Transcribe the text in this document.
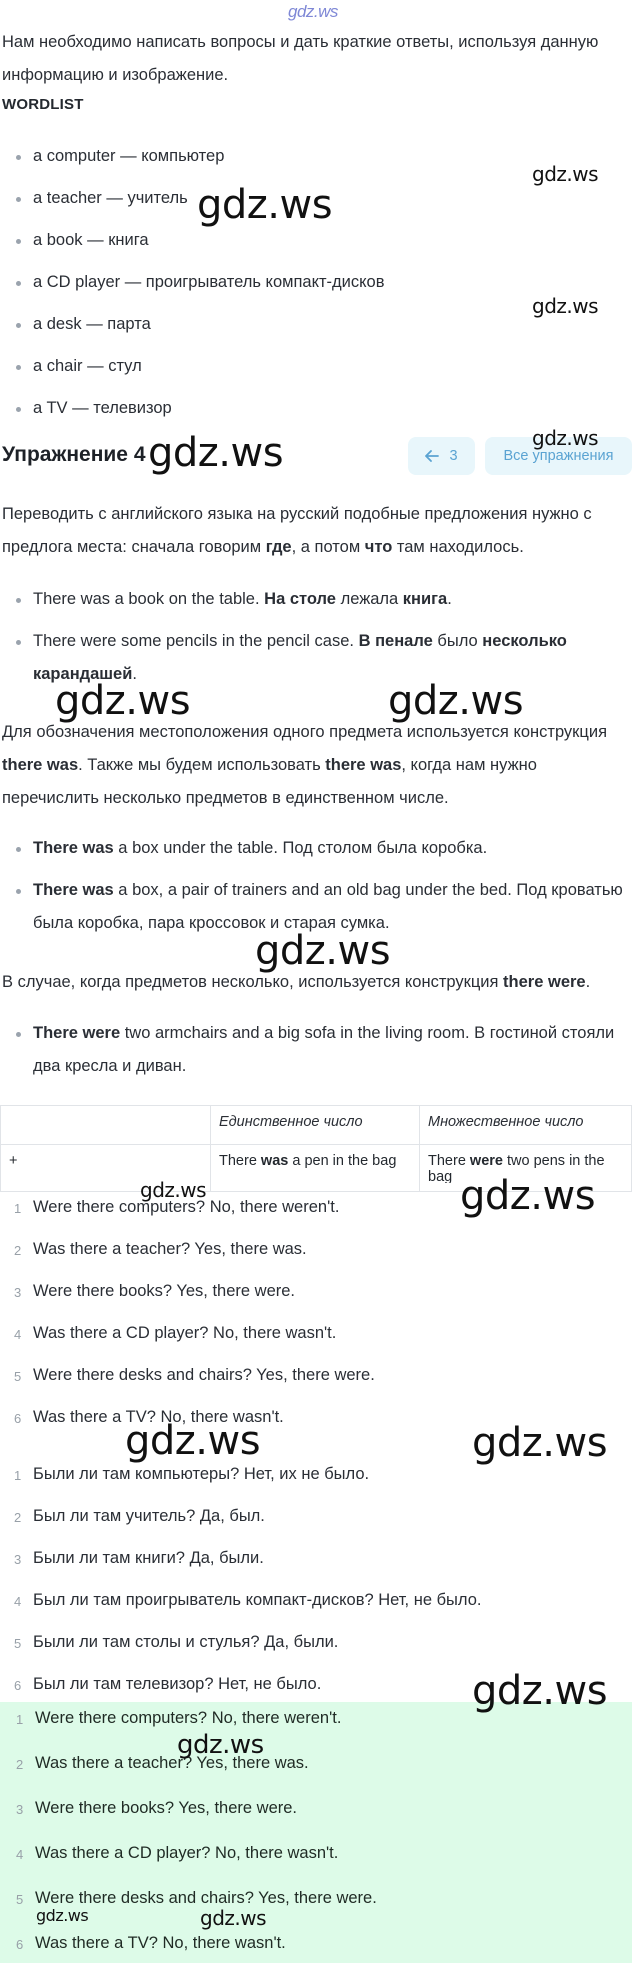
gdz.ws
Нам необходимо написать вопросы и дать краткие ответы, используя данную информацию и изображение.
WORDLIST
a computer — компьютер
a teacher — учитель
a book — книга
a CD player — проигрыватель компакт-дисков
a desk — парта
a chair — стул
a TV — телевизор
Упражнение 4	3	Все упражнения
Переводить с английского языка на русский подобные предложения нужно с предлога места: сначала говорим где, а потом что там находилось.
There was a book on the table. На столе лежала книга.
There were some pencils in the pencil case. В пенале было несколько карандашей.
Для обозначения местоположения одного предмета используется конструкция there was. Также мы будем использовать there was, когда нам нужно перечислить несколько предметов в единственном числе.
There was a box under the table. Под столом была коробка.
There was a box, a pair of trainers and an old bag under the bed. Под кроватью была коробка, пара кроссовок и старая сумка.
В случае, когда предметов несколько, используется конструкция there were.
There were two armchairs and a big sofa in the living room. В гостиной стояли два кресла и диван.
	Единственное число	Множественное число
+	There was a pen in the bag	There were two pens in the bag
1 Were there computers? No, there weren't.
2 Was there a teacher? Yes, there was.
3 Were there books? Yes, there were.
4 Was there a CD player? No, there wasn't.
5 Were there desks and chairs? Yes, there were.
6 Was there a TV? No, there wasn't.
1 Были ли там компьютеры? Нет, их не было.
2 Был ли там учитель? Да, был.
3 Были ли там книги? Да, были.
4 Был ли там проигрыватель компакт-дисков? Нет, не было.
5 Были ли там столы и стулья? Да, были.
6 Был ли там телевизор? Нет, не было.
1 Were there computers? No, there weren't.
2 Was there a teacher? Yes, there was.
3 Were there books? Yes, there were.
4 Was there a CD player? No, there wasn't.
5 Were there desks and chairs? Yes, there were.
6 Was there a TV? No, there wasn't.
gdz.ws
gdz.ws
gdz.ws
gdz.ws
gdz.ws
gdz.ws	gdz.ws
gdz.ws
gdz.ws	gdz.ws
gdz.ws	gdz.ws
gdz.ws
gdz.ws
gdz.ws	gdz.ws
